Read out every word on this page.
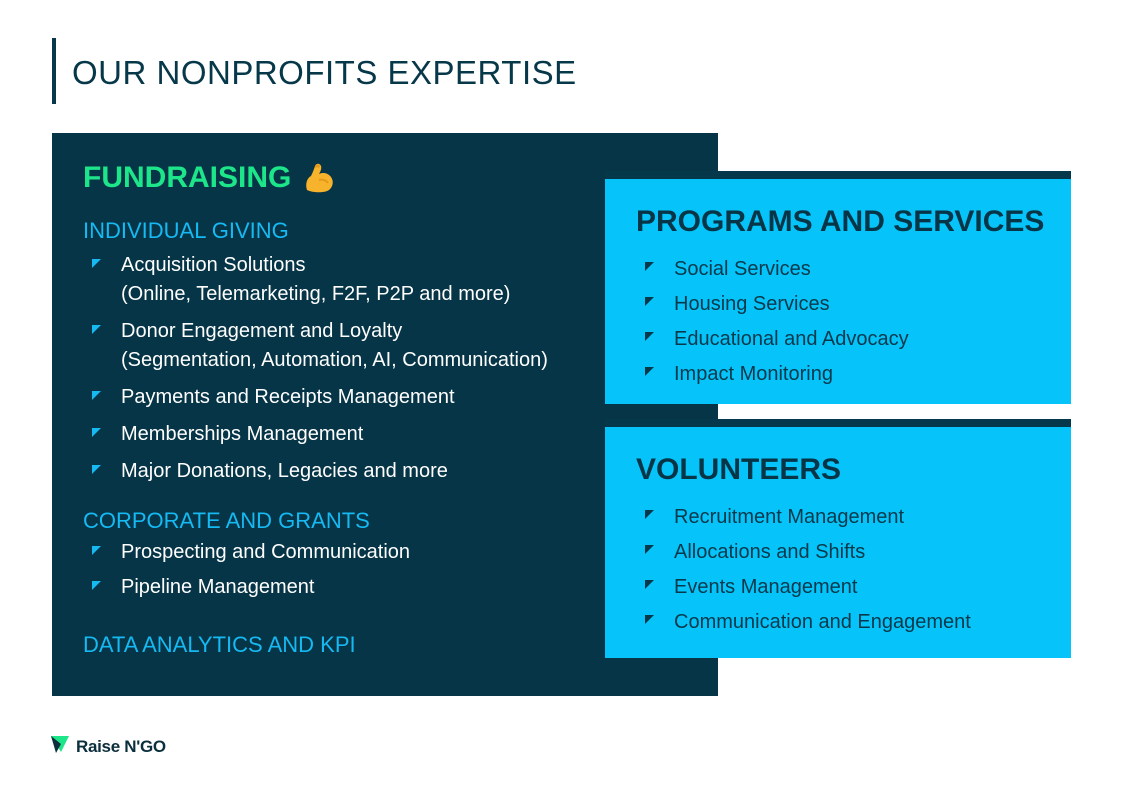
OUR NONPROFITS EXPERTISE
FUNDRAISING
INDIVIDUAL GIVING
Acquisition Solutions
(Online, Telemarketing, F2F, P2P and more)
Donor Engagement and Loyalty
(Segmentation, Automation, AI, Communication)
Payments and Receipts Management
Memberships Management
Major Donations, Legacies and more
CORPORATE AND GRANTS
Prospecting and Communication
Pipeline Management
DATA ANALYTICS AND KPI
PROGRAMS AND SERVICES
Social Services
Housing Services
Educational and Advocacy
Impact Monitoring
VOLUNTEERS
Recruitment Management
Allocations and Shifts
Events Management
Communication and Engagement
Raise N'GO
